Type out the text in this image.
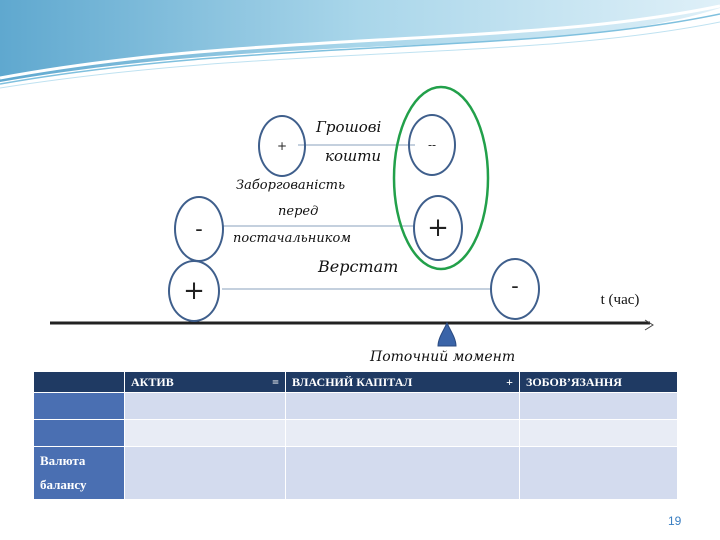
+	--
Грошові
кошти
-	+
Заборгованість
перед
постачальником
+	-
Верстат
t (час)
Поточний момент

	АКТИВ =	ВЛАСНИЙ КАПІТАЛ +	ЗОБОВ’ЯЗАННЯ

Валюта
балансу			

19
